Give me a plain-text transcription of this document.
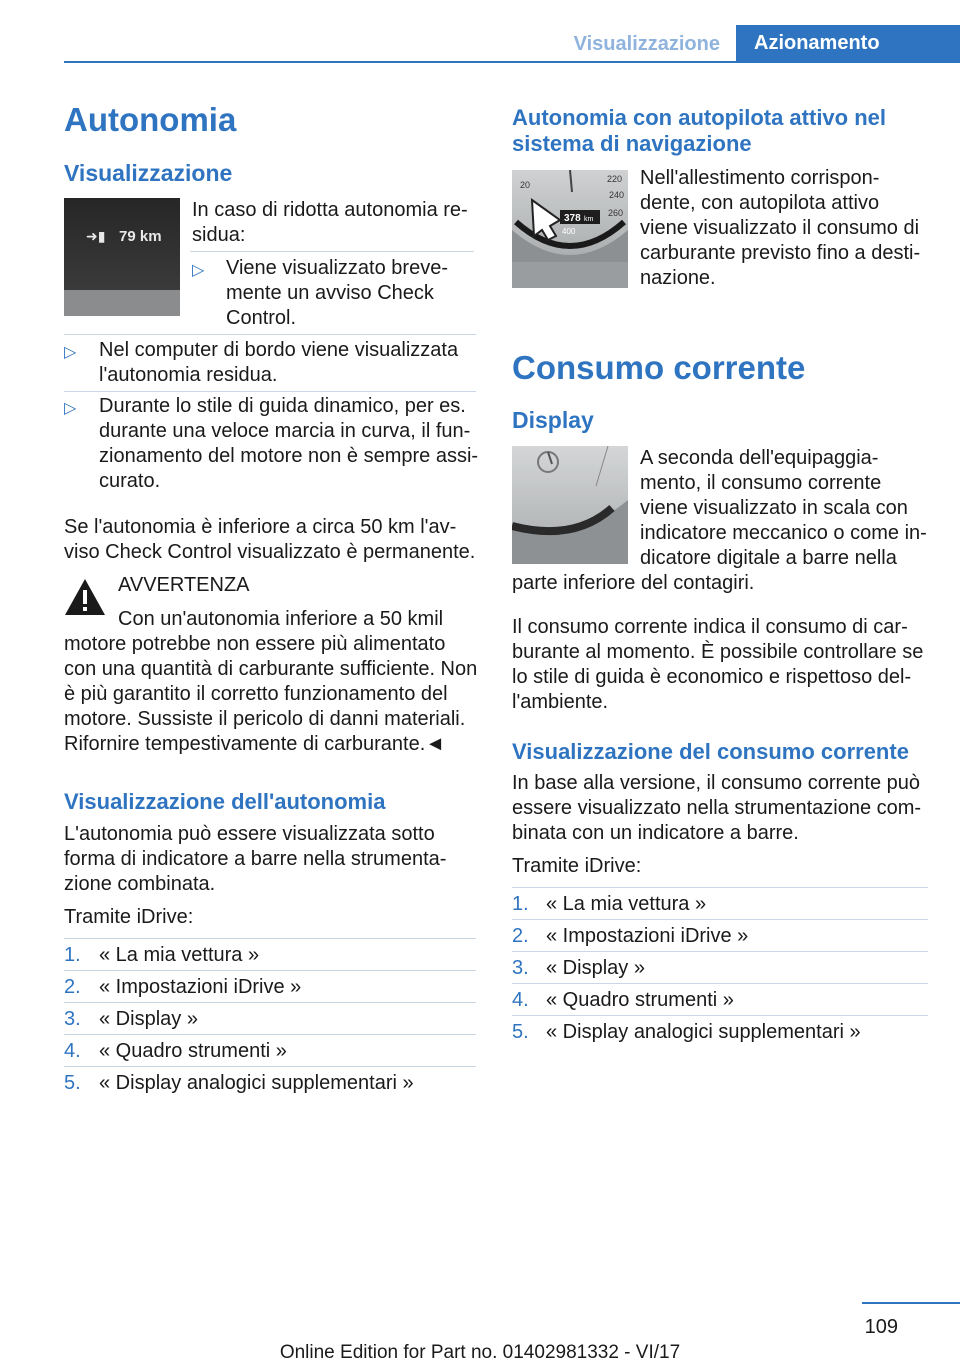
Visualizzazione Azionamento
Autonomia
Visualizzazione
➜▮ 79 km

In caso di ridotta autonomia re-

sidua:

▷ Viene visualizzato breve-

mente un avviso Check

Control.

▷ Nel computer di bordo viene visualizzata

l'autonomia residua.

▷ Durante lo stile di guida dinamico, per es.

durante una veloce marcia in curva, il fun-

zionamento del motore non è sempre assi-

curato.

Se l'autonomia è inferiore a circa 50 km l'av-

viso Check Control visualizzato è permanente.

AVVERTENZA

Con un'autonomia inferiore a 50 kmil

motore potrebbe non essere più alimentato

con una quantità di carburante sufficiente. Non

è più garantito il corretto funzionamento del

motore. Sussiste il pericolo di danni materiali.

Rifornire tempestivamente di carburante.◄

Visualizzazione dell'autonomia

L'autonomia può essere visualizzata sotto

forma di indicatore a barre nella strumenta-

zione combinata.

Tramite iDrive:

1. « La mia vettura »

2. « Impostazioni iDrive »

3. « Display »

4. « Quadro strumenti »

5. « Display analogici supplementari »

Autonomia con autopilota attivo nel
sistema di navigazione
20
220
240
260
378 km
400

Nell'allestimento corrispon-

dente, con autopilota attivo

viene visualizzato il consumo di

carburante previsto fino a desti-

nazione.

Consumo corrente
Display

A seconda dell'equipaggia-

mento, il consumo corrente

viene visualizzato in scala con

indicatore meccanico o come in-

dicatore digitale a barre nella

parte inferiore del contagiri.

Il consumo corrente indica il consumo di car-

burante al momento. È possibile controllare se

lo stile di guida è economico e rispettoso del-

l'ambiente.

Visualizzazione del consumo corrente

In base alla versione, il consumo corrente può

essere visualizzato nella strumentazione com-

binata con un indicatore a barre.

Tramite iDrive:

1. « La mia vettura »

2. « Impostazioni iDrive »

3. « Display »

4. « Quadro strumenti »

5. « Display analogici supplementari »

109
Online Edition for Part no. 01402981332 - VI/17
